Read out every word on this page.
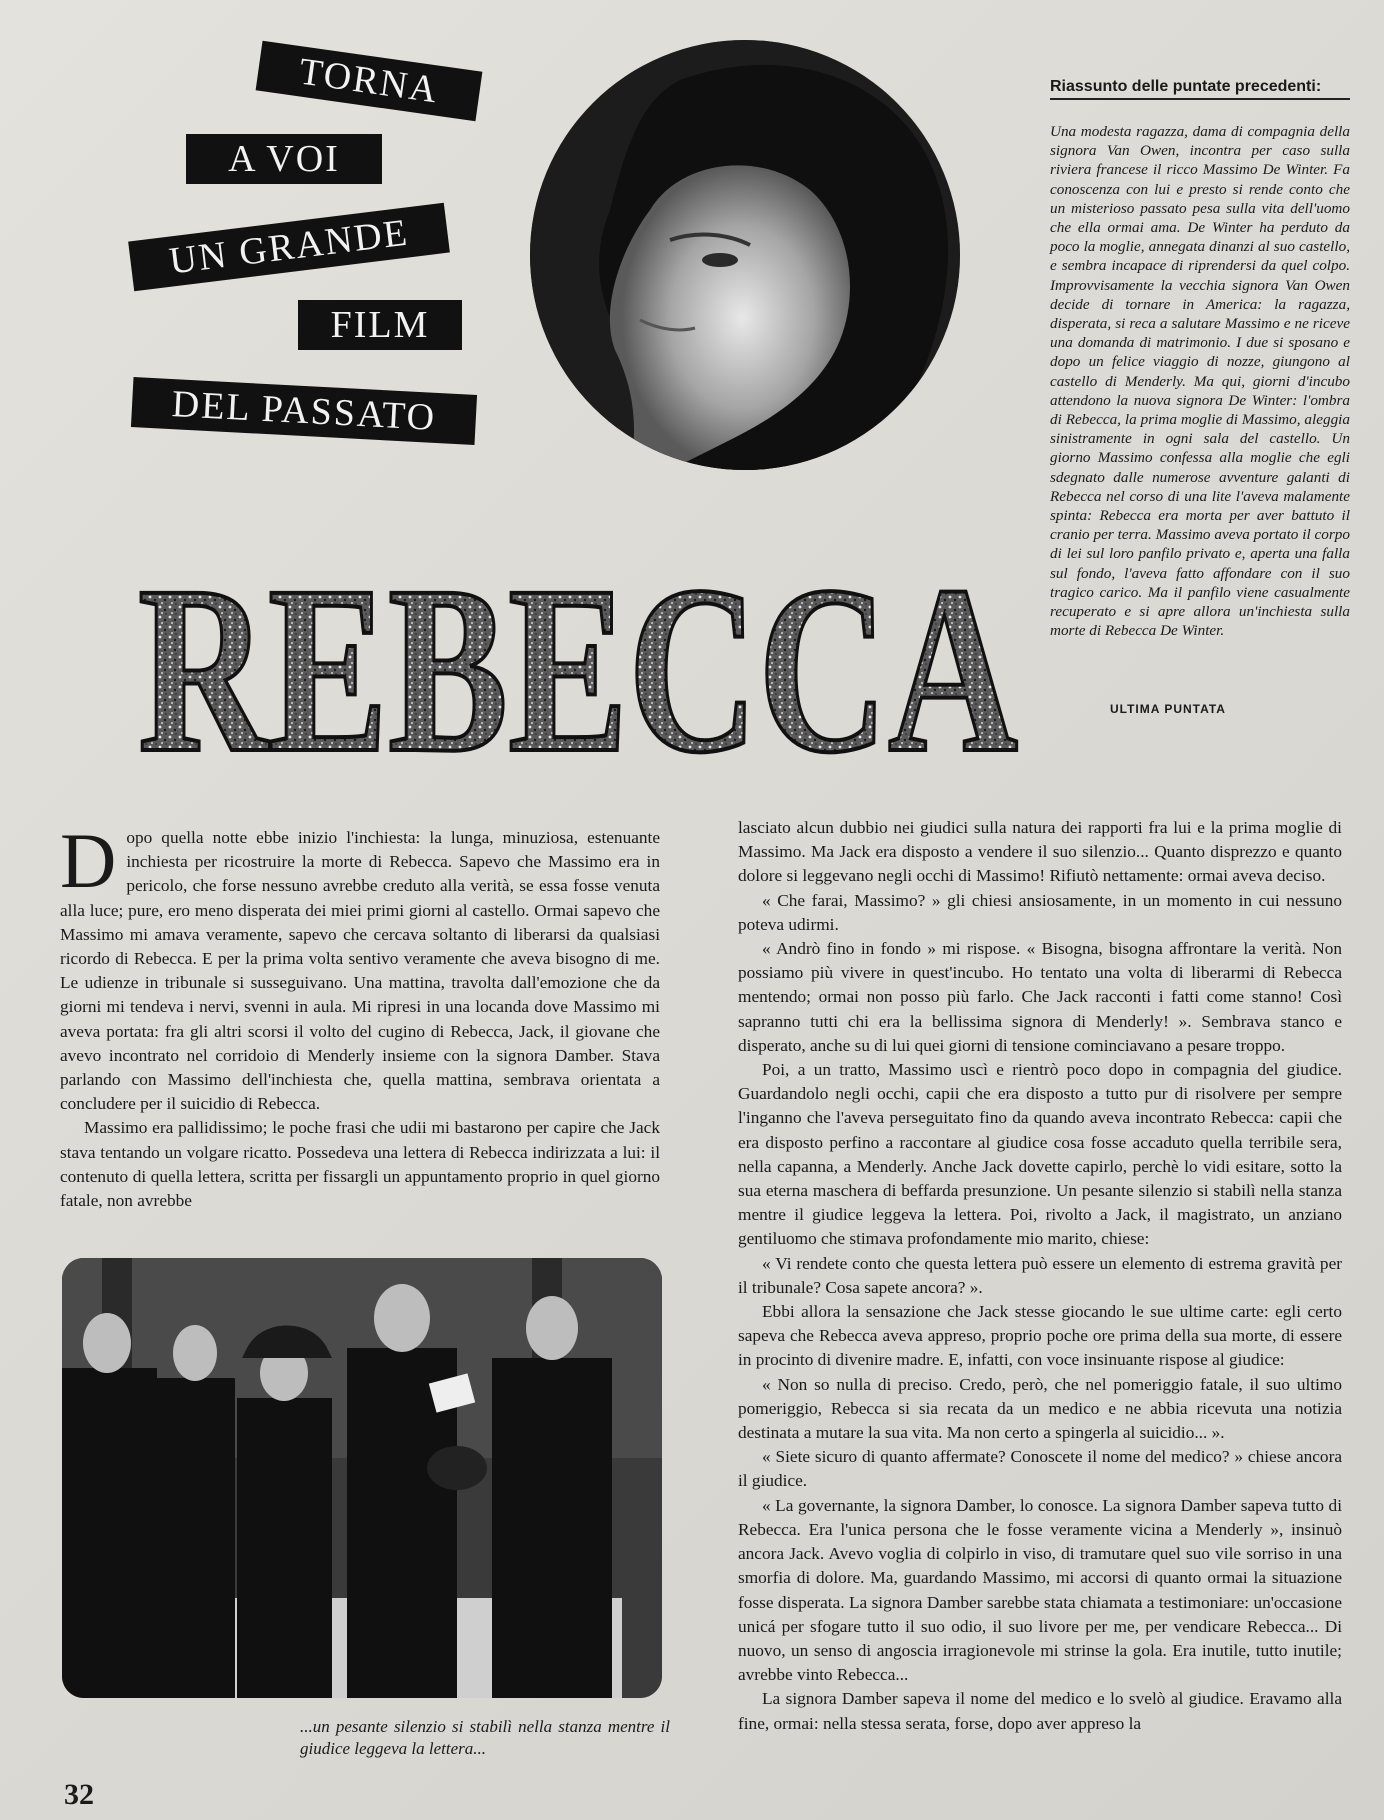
TORNA
A VOI
UN GRANDE
FILM
DEL PASSATO
Riassunto delle puntate precedenti:
Una modesta ragazza, dama di compagnia della signora Van Owen, incontra per caso sulla riviera francese il ricco Massimo De Winter. Fa conoscenza con lui e presto si rende conto che un misterioso passato pesa sulla vita dell'uomo che ella ormai ama. De Winter ha perduto da poco la moglie, annegata dinanzi al suo castello, e sembra incapace di riprendersi da quel colpo. Improvvisamente la vecchia signora Van Owen decide di tornare in America: la ragazza, disperata, si reca a salutare Massimo e ne riceve una domanda di matrimonio. I due si sposano e dopo un felice viaggio di nozze, giungono al castello di Menderly. Ma qui, giorni d'incubo attendono la nuova signora De Winter: l'ombra di Rebecca, la prima moglie di Massimo, aleggia sinistramente in ogni sala del castello. Un giorno Massimo confessa alla moglie che egli sdegnato dalle numerose avventure galanti di Rebecca nel corso di una lite l'aveva malamente spinta: Rebecca era morta per aver battuto il cranio per terra. Massimo aveva portato il corpo di lei sul loro panfilo privato e, aperta una falla sul fondo, l'aveva fatto affondare con il suo tragico carico. Ma il panfilo viene casualmente recuperato e si apre allora un'inchiesta sulla morte di Rebecca De Winter.
REBECCA	ULTIMA PUNTATA

Dopo quella notte ebbe inizio l'inchiesta: la lunga, minuziosa, estenuante inchiesta per ricostruire la morte di Rebecca. Sapevo che Massimo era in pericolo, che forse nessuno avrebbe creduto alla verità, se essa fosse venuta alla luce; pure, ero meno disperata dei miei primi giorni al castello. Ormai sapevo che Massimo mi amava veramente, sapevo che cercava soltanto di liberarsi da qualsiasi ricordo di Rebecca. E per la prima volta sentivo veramente che aveva bisogno di me. Le udienze in tribunale si susseguivano. Una mattina, travolta dall'emozione che da giorni mi tendeva i nervi, svenni in aula. Mi ripresi in una locanda dove Massimo mi aveva portata: fra gli altri scorsi il volto del cugino di Rebecca, Jack, il giovane che avevo incontrato nel corridoio di Menderly insieme con la signora Damber. Stava parlando con Massimo dell'inchiesta che, quella mattina, sembrava orientata a concludere per il suicidio di Rebecca.

Massimo era pallidissimo; le poche frasi che udii mi bastarono per capire che Jack stava tentando un volgare ricatto. Possedeva una lettera di Rebecca indirizzata a lui: il contenuto di quella lettera, scritta per fissargli un appuntamento proprio in quel giorno fatale, non avrebbe

...un pesante silenzio si stabilì nella stanza mentre il giudice leggeva la lettera...

lasciato alcun dubbio nei giudici sulla natura dei rapporti fra lui e la prima moglie di Massimo. Ma Jack era disposto a vendere il suo silenzio... Quanto disprezzo e quanto dolore si leggevano negli occhi di Massimo! Rifiutò nettamente: ormai aveva deciso.

« Che farai, Massimo? » gli chiesi ansiosamente, in un momento in cui nessuno poteva udirmi.

« Andrò fino in fondo » mi rispose. « Bisogna, bisogna affrontare la verità. Non possiamo più vivere in quest'incubo. Ho tentato una volta di liberarmi di Rebecca mentendo; ormai non posso più farlo. Che Jack racconti i fatti come stanno! Così sapranno tutti chi era la bellissima signora di Menderly! ». Sembrava stanco e disperato, anche su di lui quei giorni di tensione cominciavano a pesare troppo.

Poi, a un tratto, Massimo uscì e rientrò poco dopo in compagnia del giudice. Guardandolo negli occhi, capii che era disposto a tutto pur di risolvere per sempre l'inganno che l'aveva perseguitato fino da quando aveva incontrato Rebecca: capii che era disposto perfino a raccontare al giudice cosa fosse accaduto quella terribile sera, nella capanna, a Menderly. Anche Jack dovette capirlo, perchè lo vidi esitare, sotto la sua eterna maschera di beffarda presunzione. Un pesante silenzio si stabilì nella stanza mentre il giudice leggeva la lettera. Poi, rivolto a Jack, il magistrato, un anziano gentiluomo che stimava profondamente mio marito, chiese:

« Vi rendete conto che questa lettera può essere un elemento di estrema gravità per il tribunale? Cosa sapete ancora? ».

Ebbi allora la sensazione che Jack stesse giocando le sue ultime carte: egli certo sapeva che Rebecca aveva appreso, proprio poche ore prima della sua morte, di essere in procinto di divenire madre. E, infatti, con voce insinuante rispose al giudice:

« Non so nulla di preciso. Credo, però, che nel pomeriggio fatale, il suo ultimo pomeriggio, Rebecca si sia recata da un medico e ne abbia ricevuta una notizia destinata a mutare la sua vita. Ma non certo a spingerla al suicidio... ».

« Siete sicuro di quanto affermate? Conoscete il nome del medico? » chiese ancora il giudice.

« La governante, la signora Damber, lo conosce. La signora Damber sapeva tutto di Rebecca. Era l'unica persona che le fosse veramente vicina a Menderly », insinuò ancora Jack. Avevo voglia di colpirlo in viso, di tramutare quel suo vile sorriso in una smorfia di dolore. Ma, guardando Massimo, mi accorsi di quanto ormai la situazione fosse disperata. La signora Damber sarebbe stata chiamata a testimoniare: un'occasione unicá per sfogare tutto il suo odio, il suo livore per me, per vendicare Rebecca... Di nuovo, un senso di angoscia irragionevole mi strinse la gola. Era inutile, tutto inutile; avrebbe vinto Rebecca...

La signora Damber sapeva il nome del medico e lo svelò al giudice. Eravamo alla fine, ormai: nella stessa serata, forse, dopo aver appreso la

32
